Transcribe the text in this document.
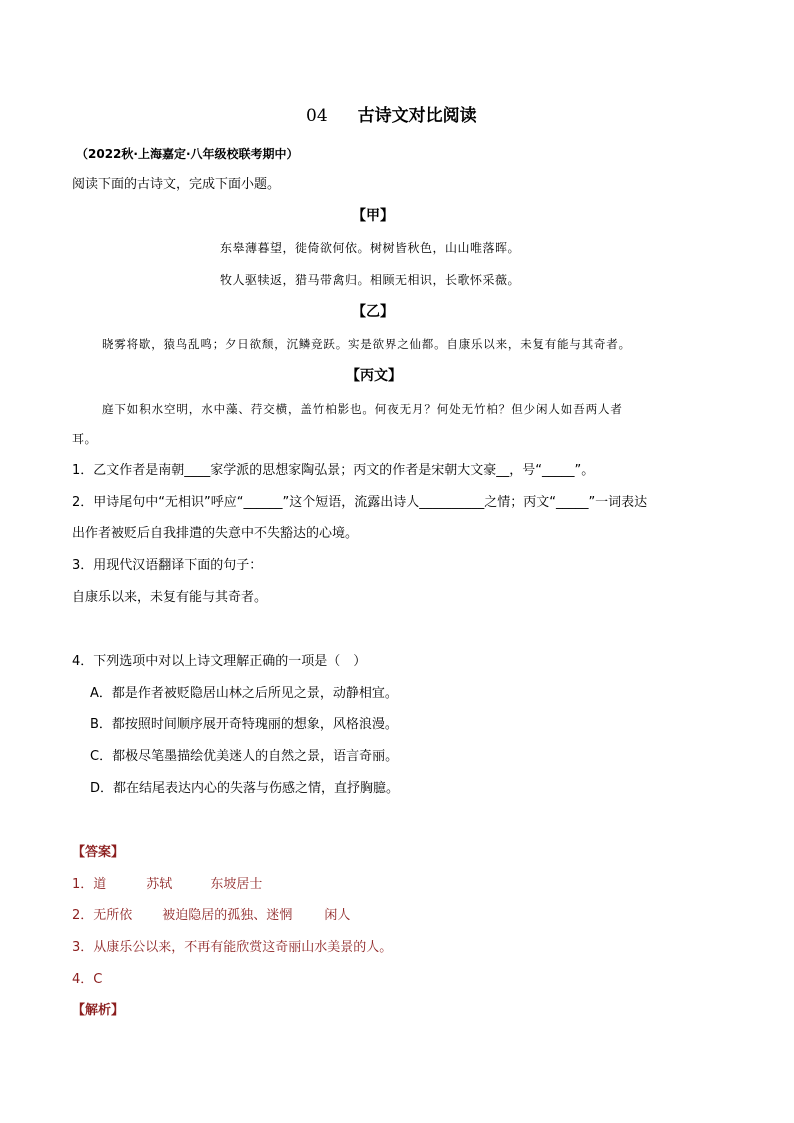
04 古诗文对比阅读
（2022秋·上海嘉定·八年级校联考期中）
阅读下面的古诗文，完成下面小题。
【甲】
东皋薄暮望，徙倚欲何依。树树皆秋色，山山唯落晖。
牧人驱犊返，猎马带禽归。相顾无相识，长歌怀采薇。
【乙】
晓雾将歇，猿鸟乱鸣；夕日欲颓，沉鳞竞跃。实是欲界之仙都。自康乐以来，未复有能与其奇者。
【丙文】
庭下如积水空明，水中藻、荇交横，盖竹柏影也。何夜无月？何处无竹柏？但少闲人如吾两人者
耳。
1．乙文作者是南朝____家学派的思想家陶弘景；丙文的作者是宋朝大文豪__，号“_____”。
2．甲诗尾句中“无相识”呼应“______”这个短语，流露出诗人__________之情；丙文“_____”一词表达
出作者被贬后自我排遣的失意中不失豁达的心境。
3．用现代汉语翻译下面的句子：
自康乐以来，未复有能与其奇者。
4．下列选项中对以上诗文理解正确的一项是（　）
A．都是作者被贬隐居山林之后所见之景，动静相宜。
B．都按照时间顺序展开奇特瑰丽的想象，风格浪漫。
C．都极尽笔墨描绘优美迷人的自然之景，语言奇丽。
D．都在结尾表达内心的失落与伤感之情，直抒胸臆。
【答案】
1．道	苏轼	东坡居士
2．无所依 被迫隐居的孤独、迷惘 闲人
3．从康乐公以来，不再有能欣赏这奇丽山水美景的人。
4．C
【解析】
